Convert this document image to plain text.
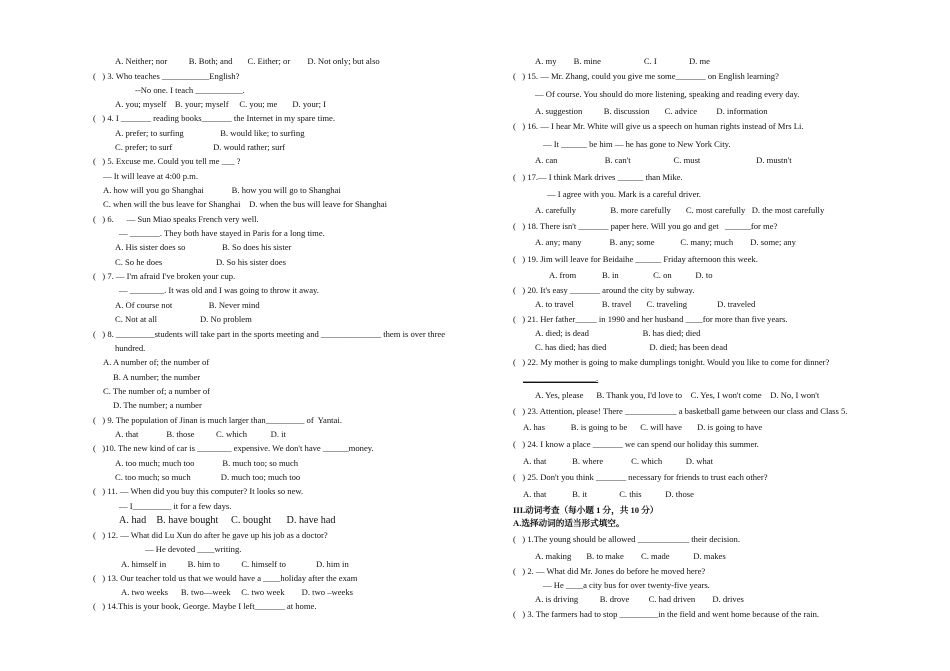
A. Neither; nor          B. Both; and       C. Either; or        D. Not only; but also
(   ) 3. Who teaches ___________English?
--No one. I teach ___________.
A. you; myself    B. your; myself     C. you; me       D. your; I
(   ) 4. I _______ reading books_______ the Internet in my spare time.
A. prefer; to surfing                 B. would like; to surfing
C. prefer; to surf                   D. would rather; surf
(   ) 5. Excuse me. Could you tell me ___ ?
— It will leave at 4:00 p.m.
A. how will you go Shanghai             B. how you will go to Shanghai
C. when will the bus leave for Shanghai    D. when the bus will leave for Shanghai
(   ) 6.      — Sun Miao speaks French very well.
— _______. They both have stayed in Paris for a long time.
A. His sister does so                 B. So does his sister
C. So he does                         D. So his sister does
(   ) 7. — I'm afraid I've broken your cup.
— ________. It was old and I was going to throw it away.
A. Of course not                 B. Never mind
C. Not at all                    D. No problem
(   ) 8. _________students will take part in the sports meeting and ______________ them is over three
hundred.
A. A number of; the number of
B. A number; the number
C. The number of; a number of
D. The number; a number
(   ) 9. The population of Jinan is much larger than_________ of  Yantai.
A. that             B. those          C. which           D. it
(   )10. The new kind of car is ________ expensive. We don't have ______money.
A. too much; much too             B. much too; so much
C. too much; so much              D. much too; much too
(   ) 11. — When did you buy this computer? It looks so new.
— I_________ it for a few days.
A. had    B. have bought     C. bought      D. have had
(   ) 12. — What did Lu Xun do after he gave up his job as a doctor?
— He devoted ____writing.
A. himself in          B. him to          C. himself to              D. him in
(   ) 13. Our teacher told us that we would have a ____holiday after the exam
A. two weeks      B. two—week     C. two week        D. two –weeks
(   ) 14.This is your book, George. Maybe I left_______ at home.
A. my        B. mine                    C. I               D. me
(   ) 15. — Mr. Zhang, could you give me some_______ on English learning?
— Of course. You should do more listening, speaking and reading every day.
A. suggestion          B. discussion       C. advice         D. information
(   ) 16. — I hear Mr. White will give us a speech on human rights instead of Mrs Li.
— It ______ be him — he has gone to New York City.
A. can                      B. can't                    C. must                          D. mustn't
(   ) 17.— I think Mark drives ______ than Mike.
— I agree with you. Mark is a careful driver.
A. carefully                B. more carefully       C. most carefully   D. the most carefully
(   ) 18. There isn't _______ paper here. Will you go and get   ______for me?
A. any; many             B. any; some            C. many; much        D. some; any
(   ) 19. Jim will leave for Beidaihe ______ Friday afternoon this week.
A. from            B. in                C. on           D. to
(   ) 20. It's easy _______ around the city by subway.
A. to travel             B. travel       C. traveling              D. traveled
(   ) 21. Her father_____ in 1990 and her husband ____for more than five years.
A. died; is dead                         B. has died; died
C. has died; has died                    D. died; has been dead
(   ) 22. My mother is going to make dumplings tonight. Would you like to come for dinner?
_________________.
A. Yes, please      B. Thank you, I'd love to    C. Yes, I won't come    D. No, I won't
(   ) 23. Attention, please! There ____________ a basketball game between our class and Class 5.
A. has            B. is going to be      C. will have       D. is going to have
(   ) 24. I know a place _______ we can spend our holiday this summer.
A. that            B. where             C. which           D. what
(   ) 25. Don't you think _______ necessary for friends to trust each other?
A. that            B. it               C. this           D. those
III.动词考查（每小题 1 分，共 10 分）
A.选择动词的适当形式填空。
(   ) 1.The young should be allowed ____________ their decision.
A. making       B. to make        C. made           D. makes
(   ) 2. — What did Mr. Jones do before he moved here?
— He ____a city bus for over twenty-five years.
A. is driving          B. drove         C. had driven        D. drives
(   ) 3. The farmers had to stop _________in the field and went home because of the rain.
